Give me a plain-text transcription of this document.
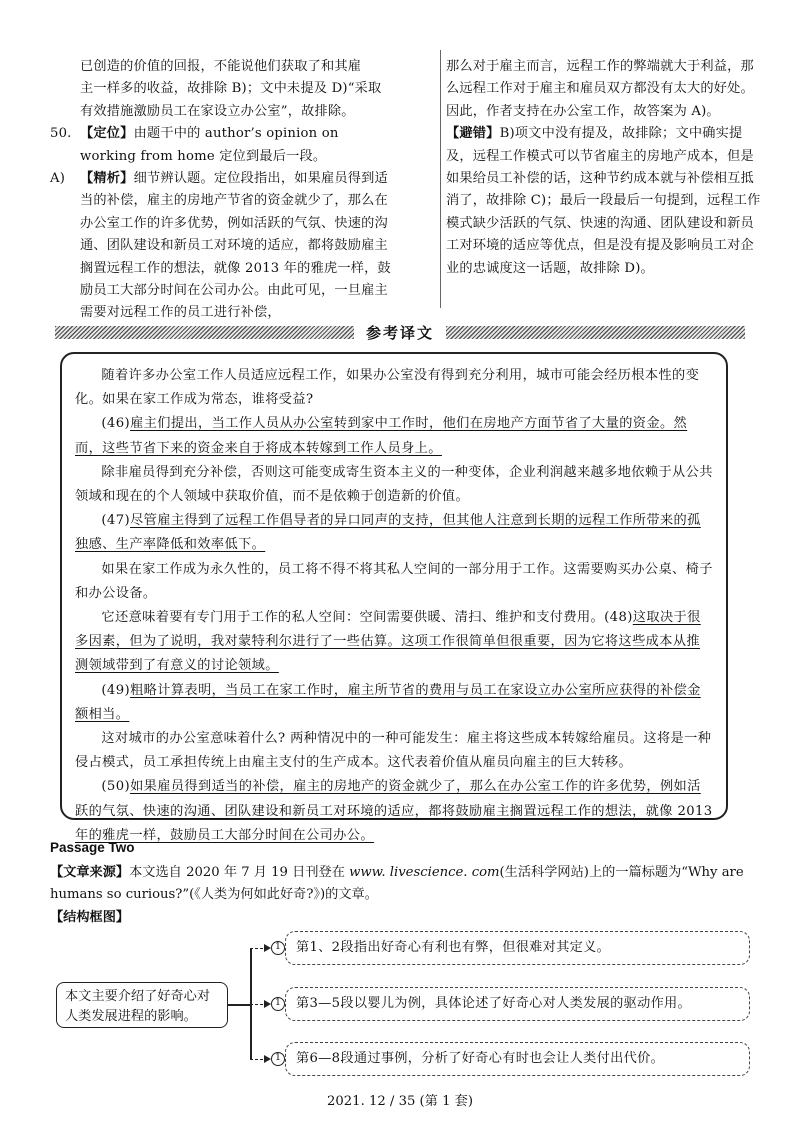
已创造的价值的回报，不能说他们获取了和其雇

主一样多的收益，故排除 B)；文中未提及 D)“采取

有效措施激励员工在家设立办公室”，故排除。

50. 【定位】由题干中的 author’s opinion on working from home 定位到最后一段。

A) 【精析】细节辨认题。定位段指出，如果雇员得到适当的补偿，雇主的房地产节省的资金就少了，那么在办公室工作的许多优势，例如活跃的气氛、快速的沟通、团队建设和新员工对环境的适应，都将鼓励雇主搁置远程工作的想法，就像 2013 年的雅虎一样，鼓励员工大部分时间在公司办公。由此可见，一旦雇主需要对远程工作的员工进行补偿，

那么对于雇主而言，远程工作的弊端就大于利益，那么远程工作对于雇主和雇员双方都没有太大的好处。因此，作者支持在办公室工作，故答案为 A)。

【避错】B)项文中没有提及，故排除；文中确实提及，远程工作模式可以节省雇主的房地产成本，但是如果给员工补偿的话，这种节约成本就与补偿相互抵消了，故排除 C)；最后一段最后一句提到，远程工作模式缺少活跃的气氛、快速的沟通、团队建设和新员工对环境的适应等优点，但是没有提及影响员工对企业的忠诚度这一话题，故排除 D)。

参考译文

随着许多办公室工作人员适应远程工作，如果办公室没有得到充分利用，城市可能会经历根本性的变化。如果在家工作成为常态，谁将受益?

(46)雇主们提出，当工作人员从办公室转到家中工作时，他们在房地产方面节省了大量的资金。然而，这些节省下来的资金来自于将成本转嫁到工作人员身上。

除非雇员得到充分补偿，否则这可能变成寄生资本主义的一种变体，企业利润越来越多地依赖于从公共领域和现在的个人领域中获取价值，而不是依赖于创造新的价值。

(47)尽管雇主得到了远程工作倡导者的异口同声的支持，但其他人注意到长期的远程工作所带来的孤独感、生产率降低和效率低下。

如果在家工作成为永久性的，员工将不得不将其私人空间的一部分用于工作。这需要购买办公桌、椅子和办公设备。

它还意味着要有专门用于工作的私人空间：空间需要供暖、清扫、维护和支付费用。(48)这取决于很多因素，但为了说明，我对蒙特利尔进行了一些估算。这项工作很简单但很重要，因为它将这些成本从推测领域带到了有意义的讨论领域。

(49)粗略计算表明，当员工在家工作时，雇主所节省的费用与员工在家设立办公室所应获得的补偿金额相当。

这对城市的办公室意味着什么? 两种情况中的一种可能发生：雇主将这些成本转嫁给雇员。这将是一种侵占模式，员工承担传统上由雇主支付的生产成本。这代表着价值从雇员向雇主的巨大转移。

(50)如果雇员得到适当的补偿，雇主的房地产的资金就少了，那么在办公室工作的许多优势，例如活跃的气氛、快速的沟通、团队建设和新员工对环境的适应，都将鼓励雇主搁置远程工作的想法，就像 2013 年的雅虎一样，鼓励员工大部分时间在公司办公。

Passage Two

【文章来源】本文选自 2020 年 7 月 19 日刊登在 www. livescience. com(生活科学网站)上的一篇标题为“Why are humans so curious?”(《人类为何如此好奇?》)的文章。

【结构框图】
本文主要介绍了好奇心对人类发展进程的影响。
1	第1、2段指出好奇心有利也有弊，但很难对其定义。
1	第3—5段以婴儿为例，具体论述了好奇心对人类发展的驱动作用。
1	第6—8段通过事例，分析了好奇心有时也会让人类付出代价。
2021. 12 / 35 (第 1 套)
